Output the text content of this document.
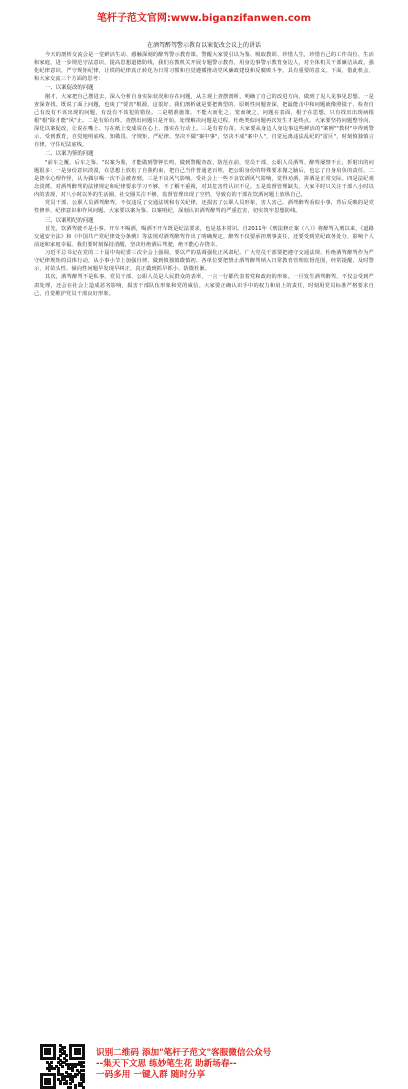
笔杆子范文官网:www.biganzifanwen.com
在酒驾醉驾警示教育以案促改会议上的讲话

今天的剖析交流会是一堂鲜活生动、感触深刻的醉驾警示教育课。警醒大家要引以为鉴、吸取教训、珍惜人生，珍惜自己的工作岗位、生活和家庭，进一步规范守法意识，提高思想道德防线，我们在教机关开展专题警示教育，用身边事警示教育身边人，对全体机关干部廉洁从政，强化纪律意识，严守规矩纪律，让铁的纪律真正转化为日常习惯和自觉遵循推动党风廉政建设和反腐败斗争。具有重要的意义。下面，借此机会，和大家交流三个方面的思考：

一、以案促改的问题

刚才，大家把自己摆进去，深入分析自身实际状况和存在问题，从主观上查摆剖析，明确了自己的改进方向，做到了见人见事见思想。一是查深查找。既说了面上问题，也谈了"要害"根源，这很好。我们剖析就是要把典型的、原则性问题查深，把最能击中和问题就像照镜子，检查自己有没有不该出现的问题，有没有不该犯的错误。二是精准施策。不能大而化之、笼而统之。问题在表面，根子在思想，只有找出出现病根根"根"除才能"风"止。二是有始有终。查摆出问题只是开始，处理解决问题是过程，杜绝类似问题再次发生才是终点。大家要坚持问题整导向，深化以案促改，让说在嘴上、写在纸上变成说在心上、落实在行动上。三是有着有苗。大家要从身边人身边事这些鲜活的"案例""教材"中得到警示、受到教育，自觉地明底线、知敬畏、守规矩，严纪律，坚决不做"案中事"，坚决不成"案中人"，自觉远离违法乱纪的"雷区"，时刻慎独慎言自律，守住纪法底线。

二、以案为鉴的问题

"前车之覆，后车之鉴。"以案为鉴，才能做到警钟长鸣，做到警醒查改、防范在前，党员干部、公职人员酒驾、醉驾屡禁不止，折射出的问题很多：一是身份意识淡漠，在思想上放松了自我约束，把自己当作普通老百姓，把公职身份的特殊要求抛之脑后，也忘了自身肩负的责任。二是侥幸心理作怪，认为偶尔喝一次不会被查到。三是不良风气影响。受社会上一些不良饮酒风气影响，觉得劝酒、拼酒是正常交际。四是法纪观念淡薄。对酒驾醉驾的法律规定和纪律要求学习不够，不了解不重视，对其危害性认识不足。五是监督管理缺失。大家平时只关注干部八小时以内的表现，对八小时以外的生活圈、社交圈关注不够，监督管理出现了空档，导致有的干部在饮酒问题上放纵自己。

党员干部、公职人员酒驾醉驾，不仅违反了交通法规和有关纪律，还损害了公职人员形象，害人害己。酒驾醉驾看似小事，背后反映的是党性修养、纪律意识和作风问题。大家要以案为鉴、以案明纪，深刻认识酒驾醉驾的严重危害，切实筑牢思想防线。

三、以案明纪的问题

首先，饮酒驾驶不是小事。开车不喝酒，喝酒不开车既是纪法要求，也是基本常识。自2011年《刑法修正案（八）》将醉驾入刑以来，《道路交通安全法》和《中国共产党纪律处分条例》等法规对酒驾醉驾作出了明确规定。醉驾不仅要承担刑事责任，还要受到党纪政务处分，影响个人前途和家庭幸福。我们要时刻保持清醒，坚决杜绝酒后驾驶，绝不能心存侥幸。

习近平总书记在党的二十届中央纪委三次全会上强调，要以严的基调强化正风肃纪。广大党员干部要把遵守交通法规、杜绝酒驾醉驾作为严守纪律规矩的具体行动，从小事小节上加强自律，做到慎独慎微慎初。各单位要把禁止酒驾醉驾纳入日常教育管理监督范围，经常提醒、及时警示，对苗头性、倾向性问题早发现早纠正，真正做到抓早抓小、防微杜渐。

其次，酒驾醉驾不是私事。党员干部、公职人员是人民群众的表率，一言一行都代表着党和政府的形象。一旦发生酒驾醉驾，不仅会受到严肃处理，还会在社会上造成恶劣影响，损害干部队伍形象和党的威信。大家要正确认识手中的权力和肩上的责任，时刻用党员标准严格要求自己，自觉维护党员干部良好形象。

识别二维码 添加"笔杆子范文"客服微信公众号
--集天下文思 练妙笔生花 助新场春--
一码多用 一键入群 随时分享
